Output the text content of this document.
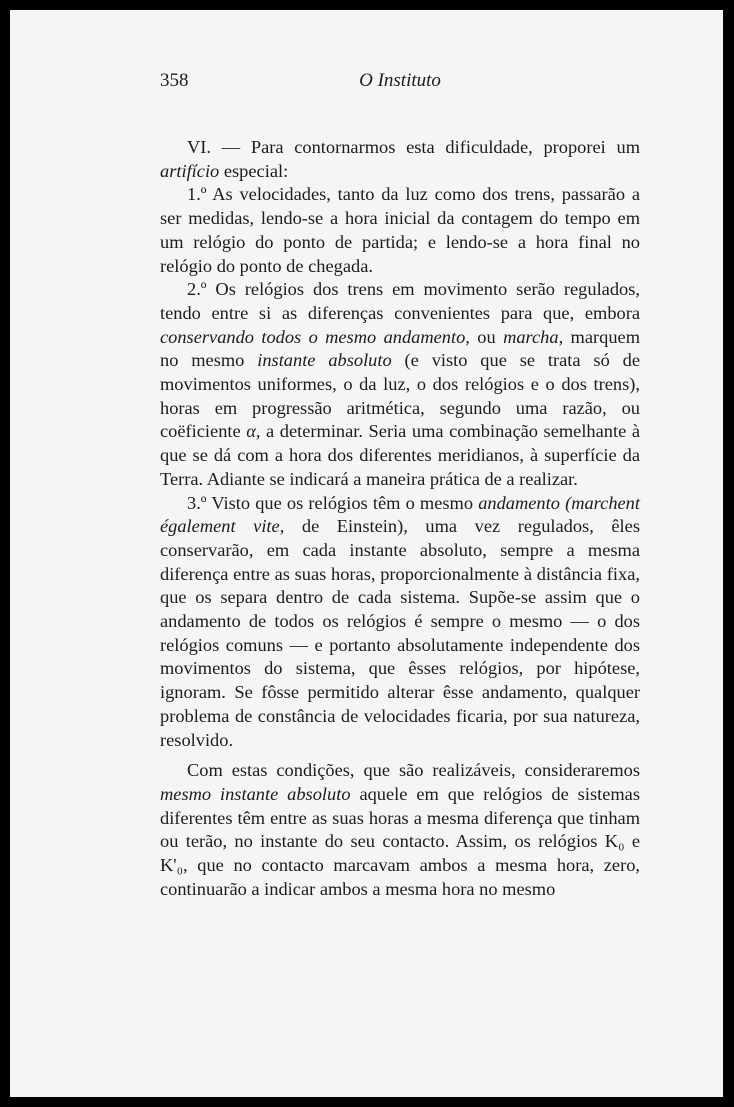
358	O Instituto

VI. — Para contornarmos esta dificuldade, proporei um artifício especial:

1.º As velocidades, tanto da luz como dos trens, passarão a ser medidas, lendo-se a hora inicial da contagem do tempo em um relógio do ponto de partida; e lendo-se a hora final no relógio do ponto de chegada.

2.º Os relógios dos trens em movimento serão regulados, tendo entre si as diferenças convenientes para que, embora conservando todos o mesmo andamento, ou marcha, marquem no mesmo instante absoluto (e visto que se trata só de movimentos uniformes, o da luz, o dos relógios e o dos trens), horas em progressão aritmética, segundo uma razão, ou coëficiente α, a determinar. Seria uma combinação semelhante à que se dá com a hora dos diferentes meridianos, à superfície da Terra. Adiante se indicará a maneira prática de a realizar.

3.º Visto que os relógios têm o mesmo andamento (marchent également vite, de Einstein), uma vez regulados, êles conservarão, em cada instante absoluto, sempre a mesma diferença entre as suas horas, proporcionalmente à distância fixa, que os separa dentro de cada sistema. Supõe-se assim que o andamento de todos os relógios é sempre o mesmo — o dos relógios comuns — e portanto absolutamente independente dos movimentos do sistema, que êsses relógios, por hipótese, ignoram. Se fôsse permitido alterar êsse andamento, qualquer problema de constância de velocidades ficaria, por sua natureza, resolvido.

Com estas condições, que são realizáveis, consideraremos mesmo instante absoluto aquele em que relógios de sistemas diferentes têm entre as suas horas a mesma diferença que tinham ou terão, no instante do seu contacto. Assim, os relógios K₀ e K'₀, que no contacto marcavam ambos a mesma hora, zero, continuarão a indicar ambos a mesma hora no mesmo
